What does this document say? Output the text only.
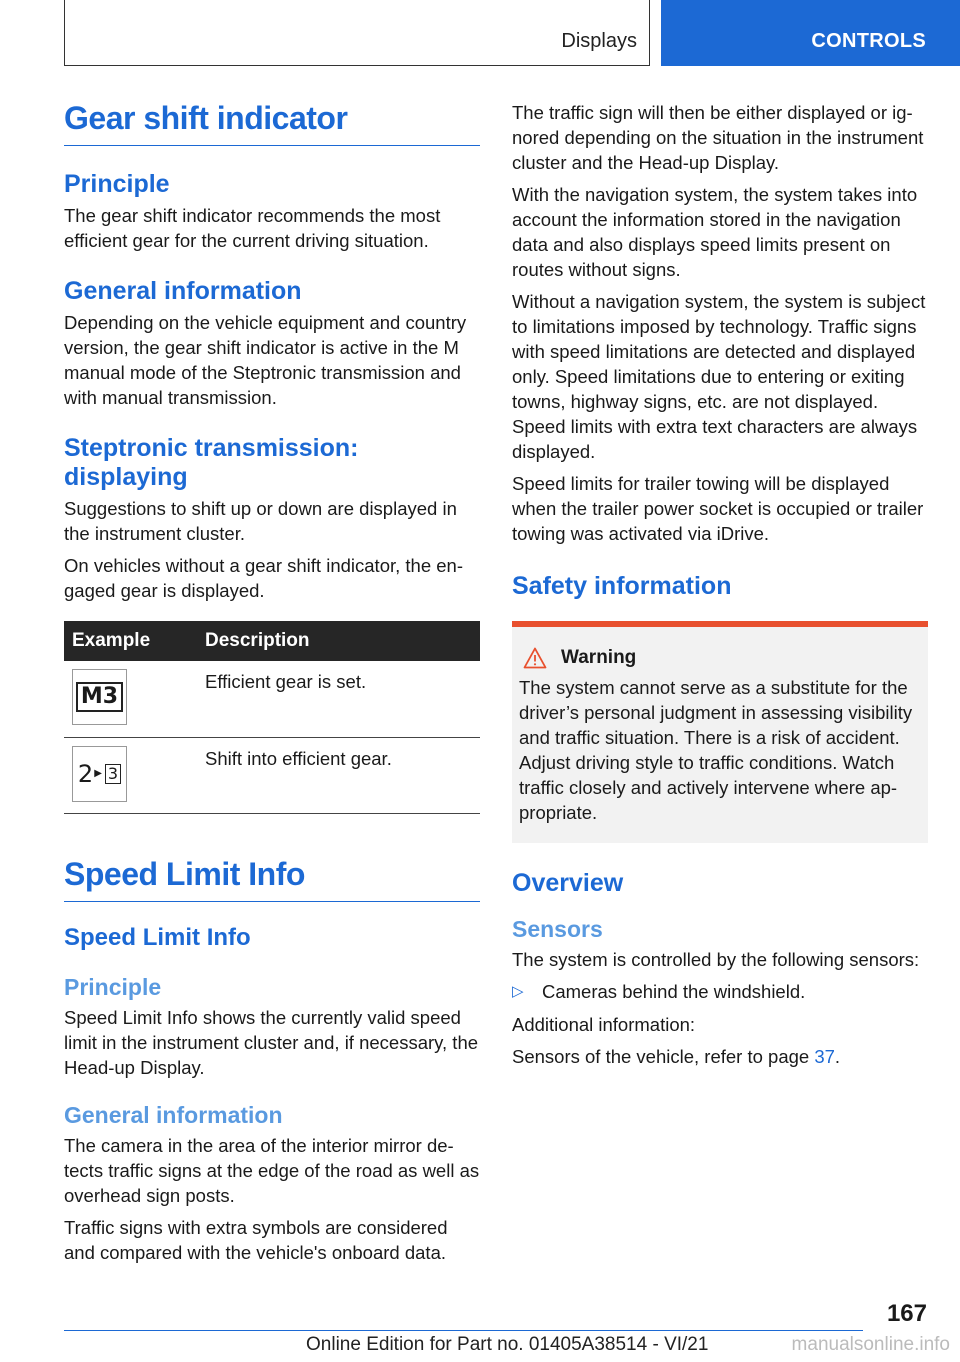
Displays	CONTROLS
Gear shift indicator
Principle

The gear shift indicator recommends the most efficient gear for the current driving situation.

General information

Depending on the vehicle equipment and country version, the gear shift indicator is active in the M manual mode of the Steptronic transmission and with manual transmission.

Steptronic transmission: displaying

Suggestions to shift up or down are displayed in the instrument cluster.

On vehicles without a gear shift indicator, the engaged gear is displayed.

Example	Description

M3	Efficient gear is set.

2 ▶ 3	Shift into efficient gear.
Speed Limit Info
Speed Limit Info
Principle

Speed Limit Info shows the currently valid speed limit in the instrument cluster and, if necessary, the Head-up Display.

General information

The camera in the area of the interior mirror detects traffic signs at the edge of the road as well as overhead sign posts.

Traffic signs with extra symbols are considered and compared with the vehicle's onboard data.

The traffic sign will then be either displayed or ignored depending on the situation in the instrument cluster and the Head-up Display.

With the navigation system, the system takes into account the information stored in the navigation data and also displays speed limits present on routes without signs.

Without a navigation system, the system is subject to limitations imposed by technology. Traffic signs with speed limitations are detected and displayed only. Speed limitations due to entering or exiting towns, highway signs, etc. are not displayed. Speed limits with extra text characters are always displayed.

Speed limits for trailer towing will be displayed when the trailer power socket is occupied or trailer towing was activated via iDrive.

Safety information
Warning

The system cannot serve as a substitute for the driver’s personal judgment in assessing visibility and traffic situation. There is a risk of accident. Adjust driving style to traffic conditions. Watch traffic closely and actively intervene where appropriate.

Overview
Sensors

The system is controlled by the following sensors:

▷ Cameras behind the windshield.

Additional information:

Sensors of the vehicle, refer to page 37.

167
Online Edition for Part no. 01405A38514 - VI/21	manualsonline.info
